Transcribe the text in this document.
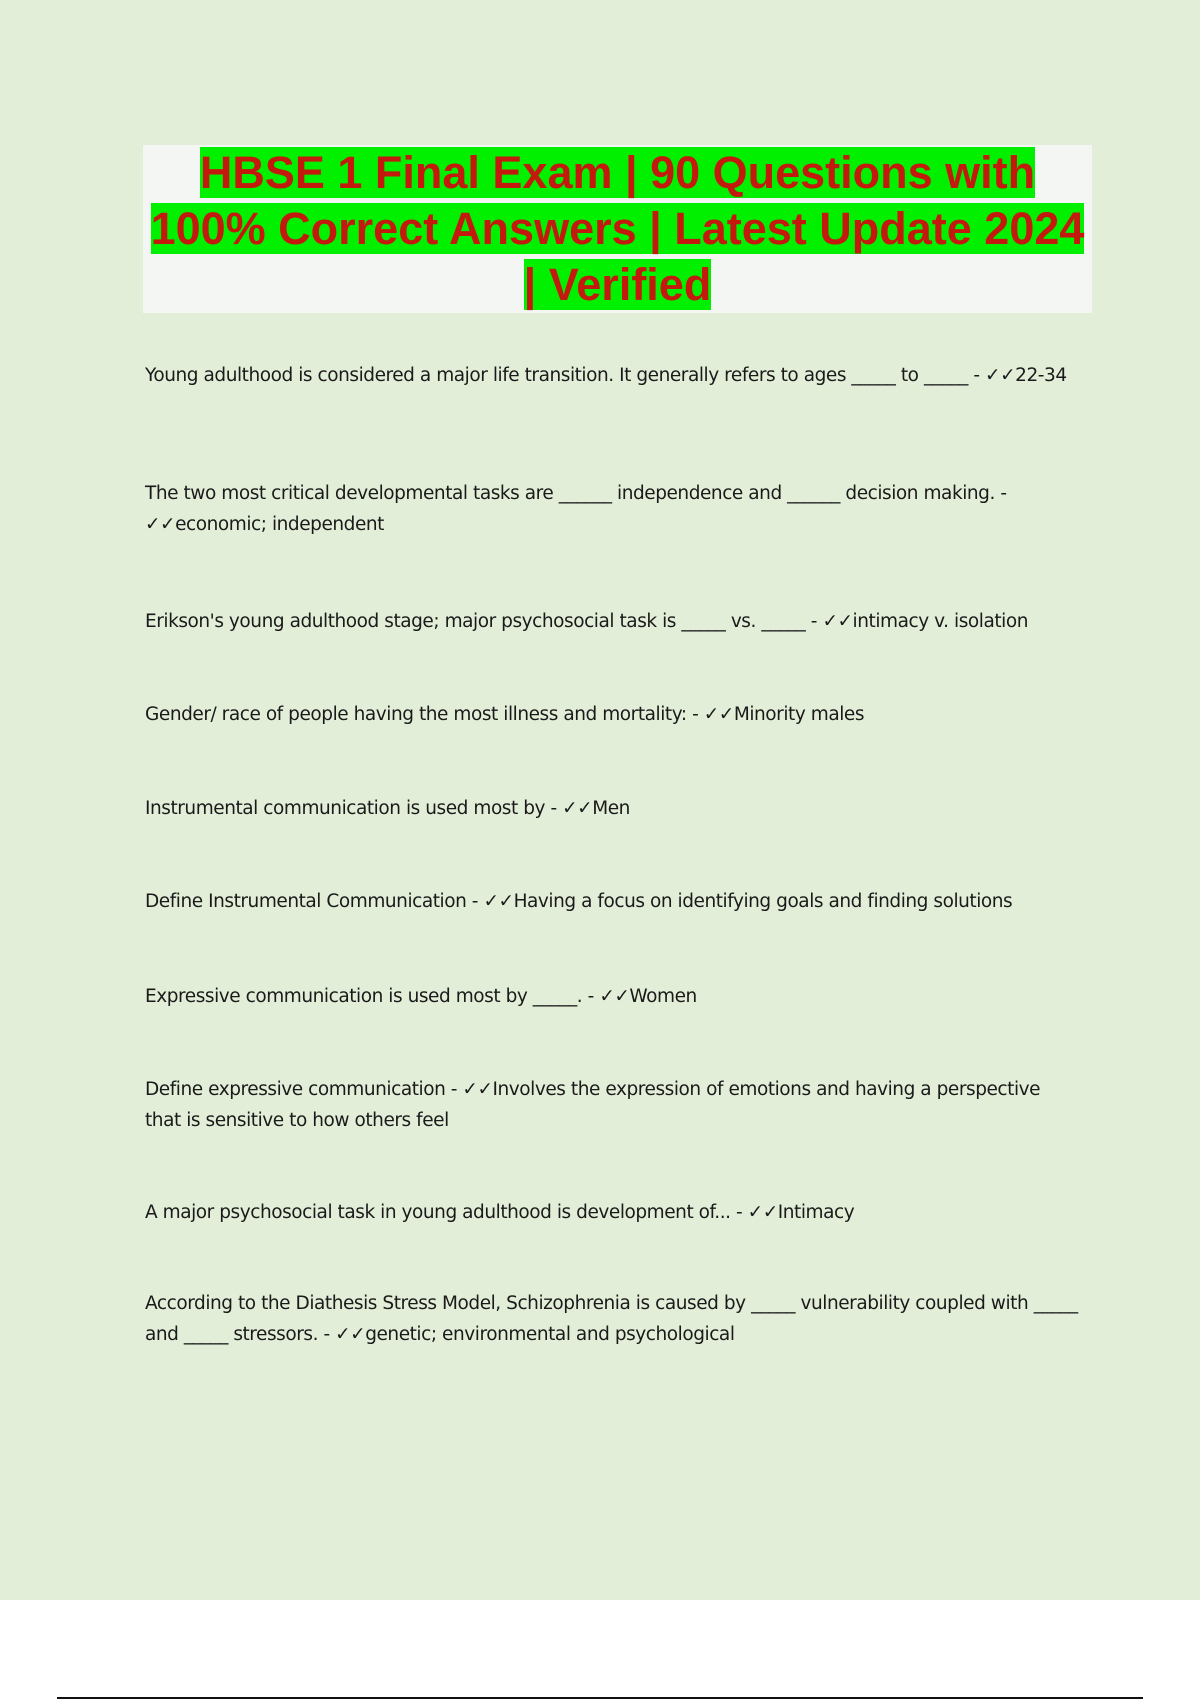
HBSE 1 Final Exam | 90 Questions with 100% Correct Answers | Latest Update 2024 | Verified
Young adulthood is considered a major life transition. It generally refers to ages _____ to _____ - ✓✓22-34
The two most critical developmental tasks are ______ independence and ______ decision making. - ✓✓economic; independent
Erikson's young adulthood stage; major psychosocial task is _____ vs. _____ - ✓✓intimacy v. isolation
Gender/ race of people having the most illness and mortality: - ✓✓Minority males
Instrumental communication is used most by - ✓✓Men
Define Instrumental Communication - ✓✓Having a focus on identifying goals and finding solutions
Expressive communication is used most by _____. - ✓✓Women
Define expressive communication - ✓✓Involves the expression of emotions and having a perspective that is sensitive to how others feel
A major psychosocial task in young adulthood is development of... - ✓✓Intimacy
According to the Diathesis Stress Model, Schizophrenia is caused by _____ vulnerability coupled with _____ and _____ stressors. - ✓✓genetic; environmental and psychological
